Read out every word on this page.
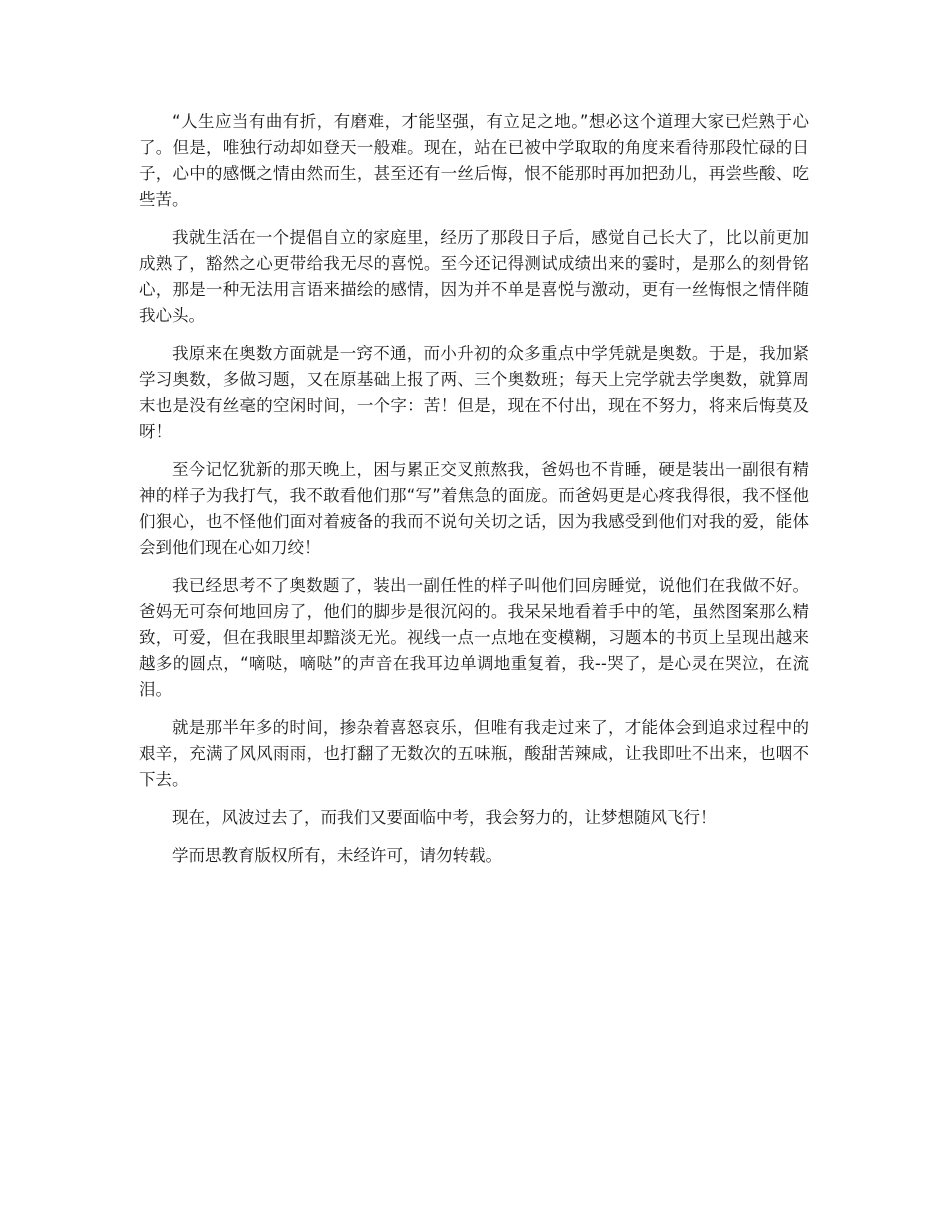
“人生应当有曲有折，有磨难，才能坚强，有立足之地。”想必这个道理大家已烂熟于心了。但是，唯独行动却如登天一般难。现在，站在已被中学取取的角度来看待那段忙碌的日子，心中的感慨之情由然而生，甚至还有一丝后悔，恨不能那时再加把劲儿，再尝些酸、吃些苦。

我就生活在一个提倡自立的家庭里，经历了那段日子后，感觉自己长大了，比以前更加成熟了，豁然之心更带给我无尽的喜悦。至今还记得测试成绩出来的霎时，是那么的刻骨铭心，那是一种无法用言语来描绘的感情，因为并不单是喜悦与激动，更有一丝悔恨之情伴随我心头。

我原来在奥数方面就是一窍不通，而小升初的众多重点中学凭就是奥数。于是，我加紧学习奥数，多做习题，又在原基础上报了两、三个奥数班；每天上完学就去学奥数，就算周末也是没有丝毫的空闲时间，一个字：苦！但是，现在不付出，现在不努力，将来后悔莫及呀！

至今记忆犹新的那天晚上，困与累正交叉煎熬我，爸妈也不肯睡，硬是装出一副很有精神的样子为我打气，我不敢看他们那“写”着焦急的面庞。而爸妈更是心疼我得很，我不怪他们狠心，也不怪他们面对着疲备的我而不说句关切之话，因为我感受到他们对我的爱，能体会到他们现在心如刀绞！

我已经思考不了奥数题了，装出一副任性的样子叫他们回房睡觉，说他们在我做不好。爸妈无可奈何地回房了，他们的脚步是很沉闷的。我呆呆地看着手中的笔，虽然图案那么精致，可爱，但在我眼里却黯淡无光。视线一点一点地在变模糊，习题本的书页上呈现出越来越多的圆点，“嘀哒，嘀哒”的声音在我耳边单调地重复着，我--哭了，是心灵在哭泣，在流泪。

就是那半年多的时间，掺杂着喜怒哀乐，但唯有我走过来了，才能体会到追求过程中的艰辛，充满了风风雨雨，也打翻了无数次的五味瓶，酸甜苦辣咸，让我即吐不出来，也咽不下去。

现在，风波过去了，而我们又要面临中考，我会努力的，让梦想随风飞行！

学而思教育版权所有，未经许可，请勿转载。
